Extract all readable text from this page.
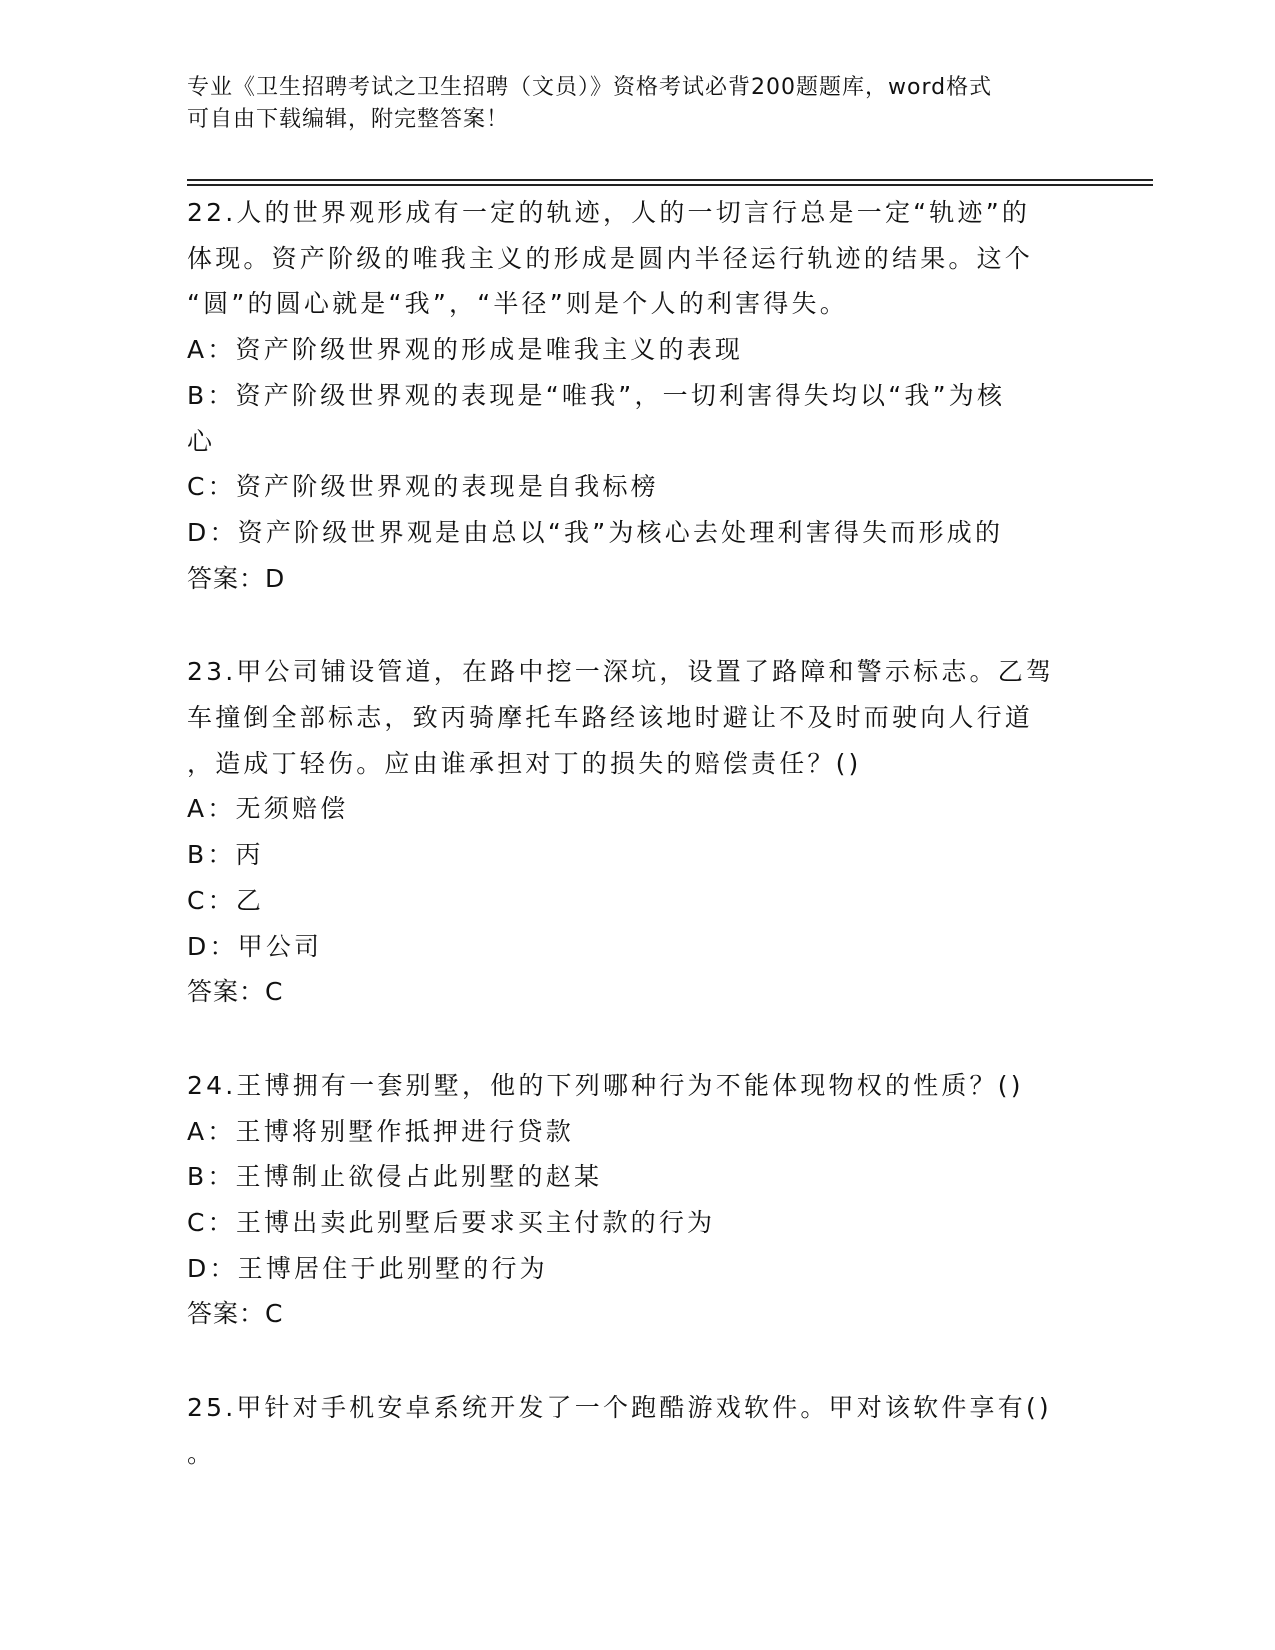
专业《卫生招聘考试之卫生招聘（文员）》资格考试必背200题题库，word格式
可自由下载编辑，附完整答案！
22.人的世界观形成有一定的轨迹，人的一切言行总是一定“轨迹”的
体现。资产阶级的唯我主义的形成是圆内半径运行轨迹的结果。这个
“圆”的圆心就是“我”，“半径”则是个人的利害得失。
A：资产阶级世界观的形成是唯我主义的表现
B：资产阶级世界观的表现是“唯我”，一切利害得失均以“我”为核
心
C：资产阶级世界观的表现是自我标榜
D：资产阶级世界观是由总以“我”为核心去处理利害得失而形成的
答案：D
23.甲公司铺设管道，在路中挖一深坑，设置了路障和警示标志。乙驾
车撞倒全部标志，致丙骑摩托车路经该地时避让不及时而驶向人行道
，造成丁轻伤。应由谁承担对丁的损失的赔偿责任？()
A：无须赔偿
B：丙
C：乙
D：甲公司
答案：C
24.王博拥有一套别墅，他的下列哪种行为不能体现物权的性质？()
A：王博将别墅作抵押进行贷款
B：王博制止欲侵占此别墅的赵某
C：王博出卖此别墅后要求买主付款的行为
D：王博居住于此别墅的行为
答案：C
25.甲针对手机安卓系统开发了一个跑酷游戏软件。甲对该软件享有()
。
